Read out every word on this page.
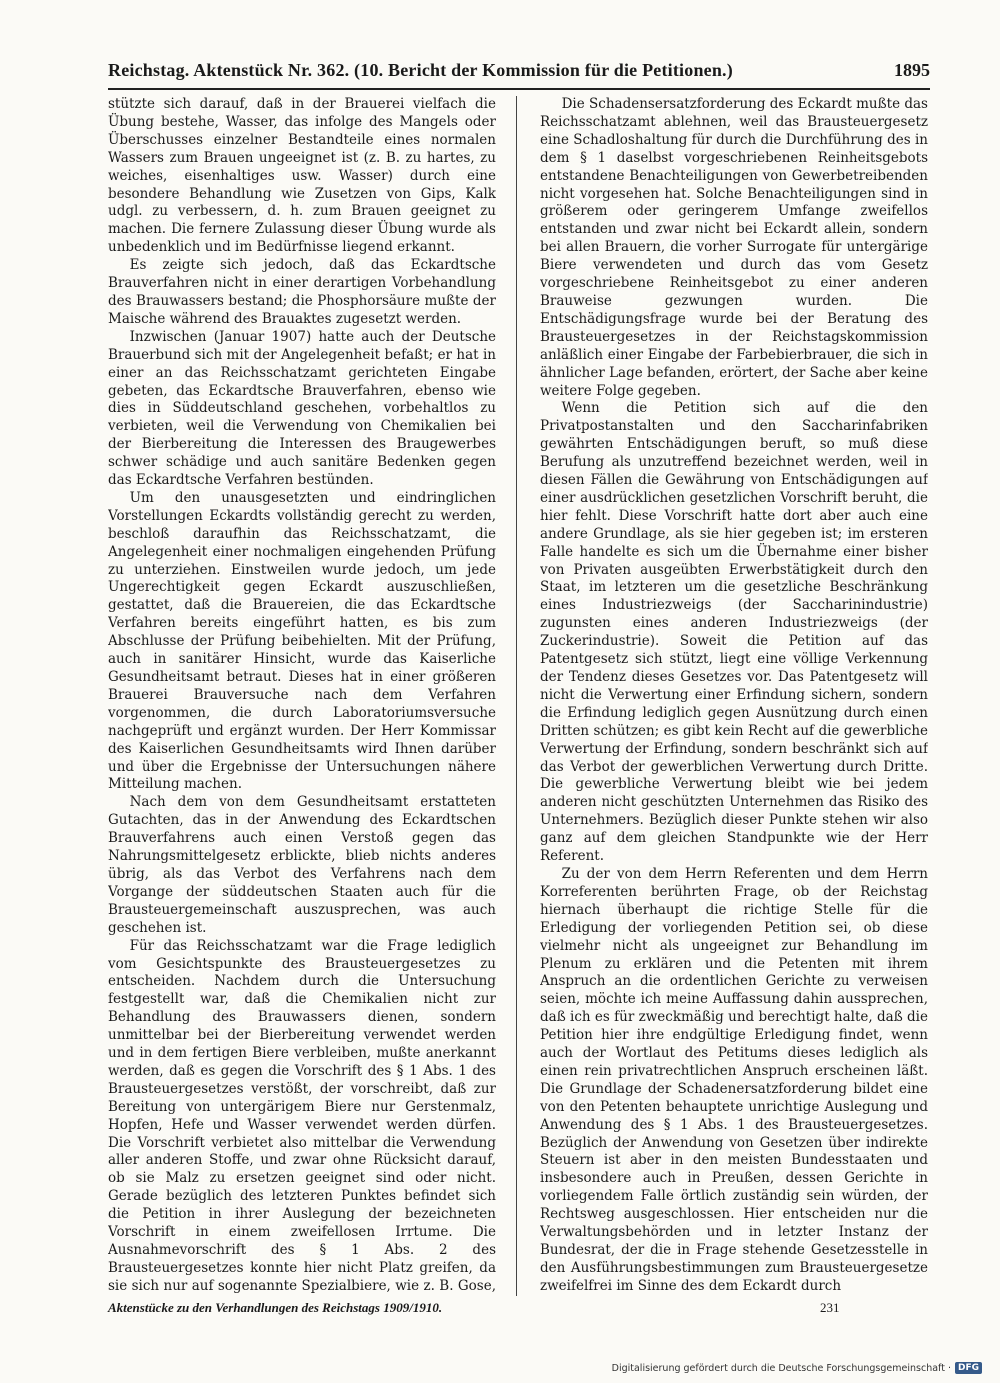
Reichstag. Aktenstück Nr. 362. (10. Bericht der Kommission für die Petitionen.)	1895

stützte sich darauf, daß in der Brauerei vielfach die Übung bestehe, Wasser, das infolge des Mangels oder Überschusses einzelner Bestandteile eines normalen Wassers zum Brauen ungeeignet ist (z. B. zu hartes, zu weiches, eisenhaltiges usw. Wasser) durch eine besondere Behandlung wie Zusetzen von Gips, Kalk udgl. zu verbessern, d. h. zum Brauen geeignet zu machen. Die fernere Zulassung dieser Übung wurde als unbedenklich und im Bedürfnisse liegend erkannt.

Es zeigte sich jedoch, daß das Eckardtsche Brauverfahren nicht in einer derartigen Vorbehandlung des Brauwassers bestand; die Phosphorsäure mußte der Maische während des Brauaktes zugesetzt werden.

Inzwischen (Januar 1907) hatte auch der Deutsche Brauerbund sich mit der Angelegenheit befaßt; er hat in einer an das Reichsschatzamt gerichteten Eingabe gebeten, das Eckardtsche Brauverfahren, ebenso wie dies in Süddeutschland geschehen, vorbehaltlos zu verbieten, weil die Verwendung von Chemikalien bei der Bierbereitung die Interessen des Braugewerbes schwer schädige und auch sanitäre Bedenken gegen das Eckardtsche Verfahren bestünden.

Um den unausgesetzten und eindringlichen Vorstellungen Eckardts vollständig gerecht zu werden, beschloß daraufhin das Reichsschatzamt, die Angelegenheit einer nochmaligen eingehenden Prüfung zu unterziehen. Einstweilen wurde jedoch, um jede Ungerechtigkeit gegen Eckardt auszuschließen, gestattet, daß die Brauereien, die das Eckardtsche Verfahren bereits eingeführt hatten, es bis zum Abschlusse der Prüfung beibehielten. Mit der Prüfung, auch in sanitärer Hinsicht, wurde das Kaiserliche Gesundheitsamt betraut. Dieses hat in einer größeren Brauerei Brauversuche nach dem Verfahren vorgenommen, die durch Laboratoriumsversuche nachgeprüft und ergänzt wurden. Der Herr Kommissar des Kaiserlichen Gesundheitsamts wird Ihnen darüber und über die Ergebnisse der Untersuchungen nähere Mitteilung machen.

Nach dem von dem Gesundheitsamt erstatteten Gutachten, das in der Anwendung des Eckardtschen Brauverfahrens auch einen Verstoß gegen das Nahrungsmittelgesetz erblickte, blieb nichts anderes übrig, als das Verbot des Verfahrens nach dem Vorgange der süddeutschen Staaten auch für die Brausteuergemeinschaft auszusprechen, was auch geschehen ist.

Für das Reichsschatzamt war die Frage lediglich vom Gesichtspunkte des Brausteuergesetzes zu entscheiden. Nachdem durch die Untersuchung festgestellt war, daß die Chemikalien nicht zur Behandlung des Brauwassers dienen, sondern unmittelbar bei der Bierbereitung verwendet werden und in dem fertigen Biere verbleiben, mußte anerkannt werden, daß es gegen die Vorschrift des § 1 Abs. 1 des Brausteuergesetzes verstößt, der vorschreibt, daß zur Bereitung von untergärigem Biere nur Gerstenmalz, Hopfen, Hefe und Wasser verwendet werden dürfen. Die Vorschrift verbietet also mittelbar die Verwendung aller anderen Stoffe, und zwar ohne Rücksicht darauf, ob sie Malz zu ersetzen geeignet sind oder nicht. Gerade bezüglich des letzteren Punktes befindet sich die Petition in ihrer Auslegung der bezeichneten Vorschrift in einem zweifellosen Irrtume. Die Ausnahmevorschrift des § 1 Abs. 2 des Brausteuergesetzes konnte hier nicht Platz greifen, da sie sich nur auf sogenannte Spezialbiere, wie z. B. Gose,

Die Schadensersatzforderung des Eckardt mußte das Reichsschatzamt ablehnen, weil das Brausteuergesetz eine Schadloshaltung für durch die Durchführung des in dem § 1 daselbst vorgeschriebenen Reinheitsgebots entstandene Benachteiligungen von Gewerbetreibenden nicht vorgesehen hat. Solche Benachteiligungen sind in größerem oder geringerem Umfange zweifellos entstanden und zwar nicht bei Eckardt allein, sondern bei allen Brauern, die vorher Surrogate für untergärige Biere verwendeten und durch das vom Gesetz vorgeschriebene Reinheitsgebot zu einer anderen Brauweise gezwungen wurden. Die Entschädigungsfrage wurde bei der Beratung des Brausteuergesetzes in der Reichstagskommission anläßlich einer Eingabe der Farbebierbrauer, die sich in ähnlicher Lage befanden, erörtert, der Sache aber keine weitere Folge gegeben.

Wenn die Petition sich auf die den Privatpostanstalten und den Saccharinfabriken gewährten Entschädigungen beruft, so muß diese Berufung als unzutreffend bezeichnet werden, weil in diesen Fällen die Gewährung von Entschädigungen auf einer ausdrücklichen gesetzlichen Vorschrift beruht, die hier fehlt. Diese Vorschrift hatte dort aber auch eine andere Grundlage, als sie hier gegeben ist; im ersteren Falle handelte es sich um die Übernahme einer bisher von Privaten ausgeübten Erwerbstätigkeit durch den Staat, im letzteren um die gesetzliche Beschränkung eines Industriezweigs (der Saccharinindustrie) zugunsten eines anderen Industriezweigs (der Zuckerindustrie). Soweit die Petition auf das Patentgesetz sich stützt, liegt eine völlige Verkennung der Tendenz dieses Gesetzes vor. Das Patentgesetz will nicht die Verwertung einer Erfindung sichern, sondern die Erfindung lediglich gegen Ausnützung durch einen Dritten schützen; es gibt kein Recht auf die gewerbliche Verwertung der Erfindung, sondern beschränkt sich auf das Verbot der gewerblichen Verwertung durch Dritte. Die gewerbliche Verwertung bleibt wie bei jedem anderen nicht geschützten Unternehmen das Risiko des Unternehmers. Bezüglich dieser Punkte stehen wir also ganz auf dem gleichen Standpunkte wie der Herr Referent.

Zu der von dem Herrn Referenten und dem Herrn Korreferenten berührten Frage, ob der Reichstag hiernach überhaupt die richtige Stelle für die Erledigung der vorliegenden Petition sei, ob diese vielmehr nicht als ungeeignet zur Behandlung im Plenum zu erklären und die Petenten mit ihrem Anspruch an die ordentlichen Gerichte zu verweisen seien, möchte ich meine Auffassung dahin aussprechen, daß ich es für zweckmäßig und berechtigt halte, daß die Petition hier ihre endgültige Erledigung findet, wenn auch der Wortlaut des Petitums dieses lediglich als einen rein privatrechtlichen Anspruch erscheinen läßt. Die Grundlage der Schadenersatzforderung bildet eine von den Petenten behauptete unrichtige Auslegung und Anwendung des § 1 Abs. 1 des Brausteuergesetzes. Bezüglich der Anwendung von Gesetzen über indirekte Steuern ist aber in den meisten Bundesstaaten und insbesondere auch in Preußen, dessen Gerichte in vorliegendem Falle örtlich zuständig sein würden, der Rechtsweg ausgeschlossen. Hier entscheiden nur die Verwaltungsbehörden und in letzter Instanz der Bundesrat, der die in Frage stehende Gesetzesstelle in den Ausführungsbestimmungen zum Brausteuergesetze zweifelfrei im Sinne des dem Eckardt durch

Aktenstücke zu den Verhandlungen des Reichstags 1909/1910.	231
Digitalisierung gefördert durch die Deutsche Forschungsgemeinschaft · DFG
